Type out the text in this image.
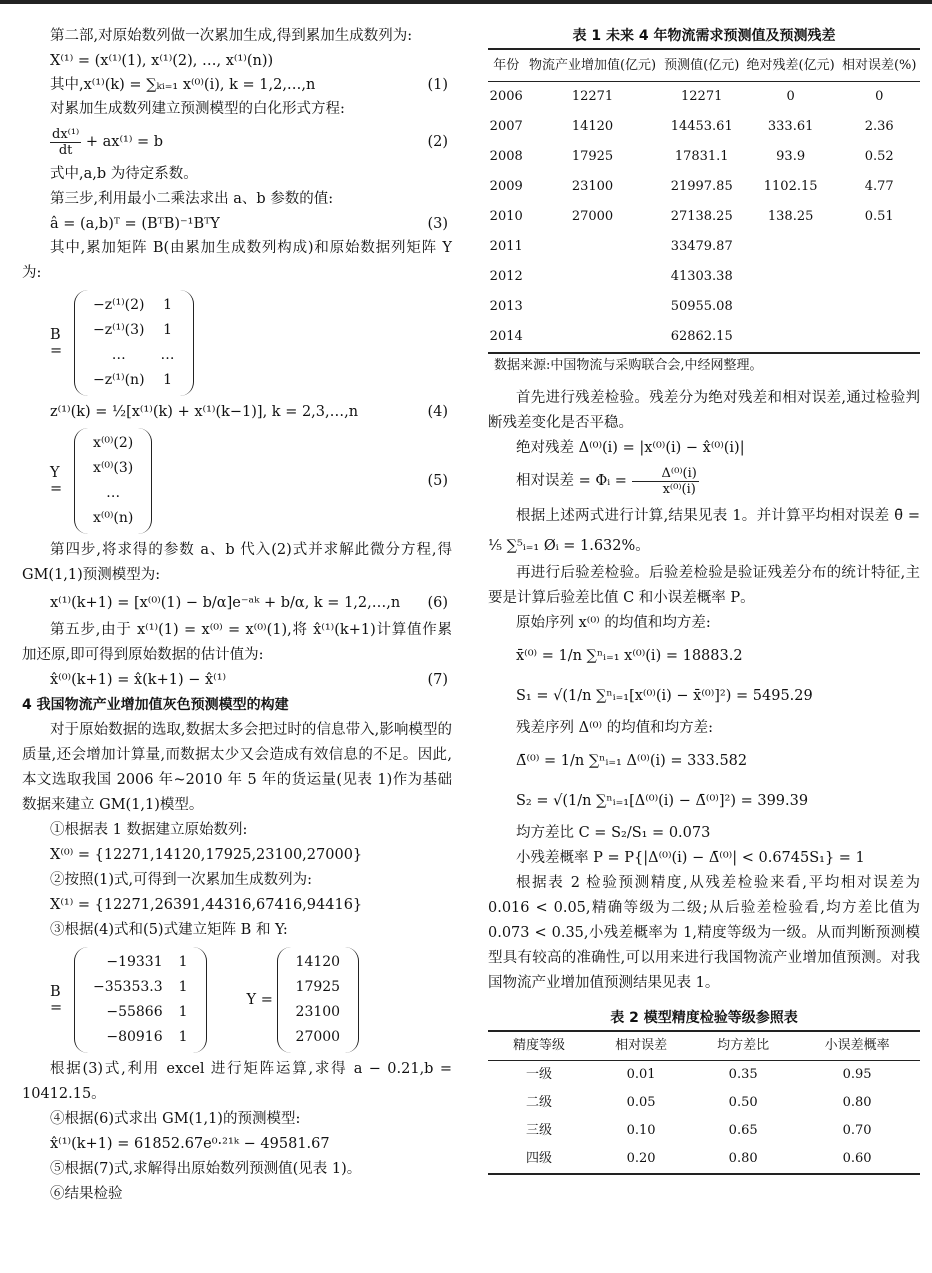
第二部,对原始数列做一次累加生成,得到累加生成数列为:

X⁽¹⁾ = (x⁽¹⁾(1), x⁽¹⁾(2), …, x⁽¹⁾(n))

其中,x⁽¹⁾(k) = ∑ₖᵢ₌₁ x⁽⁰⁾(i), k = 1,2,…,n	(1)

对累加生成数列建立预测模型的白化形式方程:

$\frac{\text{dx⁽¹⁾}}{dt} + ax^{(1)} = b$	(2)

式中,a,b 为待定系数。

第三步,利用最小二乘法求出 a、b 参数的值:

â = (a,b)ᵀ = (BᵀB)⁻¹BᵀY	(3)

其中,累加矩阵 B(由累加生成数列构成)和原始数据列矩阵 Y 为:

B =
−z⁽¹⁾(2)	1
−z⁽¹⁾(3)	1
…	…
−z⁽¹⁾(n)	1

z⁽¹⁾(k) = ½[x⁽¹⁾(k) + x⁽¹⁾(k−1)], k = 2,3,…,n	(4)

Y =
x⁽⁰⁾(2)
x⁽⁰⁾(3)
…
x⁽⁰⁾(n)
(5)

第四步,将求得的参数 a、b 代入(2)式并求解此微分方程,得 GM(1,1)预测模型为:

x⁽¹⁾(k+1) = [x⁽⁰⁾(1) − b/α]e⁻ᵃᵏ + b/α, k = 1,2,…,n (6)

第五步,由于 x⁽¹⁾(1) = x⁽⁰⁾ = x⁽⁰⁾(1),将 x̂⁽¹⁾(k+1)计算值作累加还原,即可得到原始数据的估计值为:

x̂⁽⁰⁾(k+1) = x̂(k+1) − x̂⁽¹⁾	(7)

4 我国物流产业增加值灰色预测模型的构建

对于原始数据的选取,数据太多会把过时的信息带入,影响模型的质量,还会增加计算量,而数据太少又会造成有效信息的不足。因此,本文选取我国 2006 年~2010 年 5 年的货运量(见表 1)作为基础数据来建立 GM(1,1)模型。

①根据表 1 数据建立原始数列:

X⁽⁰⁾ = {12271,14120,17925,23100,27000}

②按照(1)式,可得到一次累加生成数列为:

X⁽¹⁾ = {12271,26391,44316,67416,94416}

③根据(4)式和(5)式建立矩阵 B 和 Y:

B =
−19331	1
−35353.3	1
−55866	1
−80916	1
Y =
14120
17925
23100
27000

根据(3)式,利用 excel 进行矩阵运算,求得 a − 0.21,b = 10412.15。

④根据(6)式求出 GM(1,1)的预测模型:

x̂⁽¹⁾(k+1) = 61852.67e⁰·²¹ᵏ − 49581.67

⑤根据(7)式,求解得出原始数列预测值(见表 1)。

⑥结果检验

表 1 未来 4 年物流需求预测值及预测残差
年份	物流产业增加值(亿元)	预测值(亿元)	绝对残差(亿元)	相对误差(%)
2006	12271	12271	0	0
2007	14120	14453.61	333.61	2.36
2008	17925	17831.1	93.9	0.52
2009	23100	21997.85	1102.15	4.77
2010	27000	27138.25	138.25	0.51
2011		33479.87		
2012		41303.38		
2013		50955.08		
2014		62862.15		
数据来源:中国物流与采购联合会,中经网整理。

首先进行残差检验。残差分为绝对残差和相对误差,通过检验判断残差变化是否平稳。

绝对残差 Δ⁽⁰⁾(i) = |x⁽⁰⁾(i) − x̂⁽⁰⁾(i)|

相对误差 = Φᵢ = $\frac{\text{Δ⁽⁰⁾(i)}}{\text{x⁽⁰⁾(i)}}$

根据上述两式进行计算,结果见表 1。并计算平均相对误差 θ̄ = ⅕ ∑⁵ᵢ₌₁ Øᵢ = 1.632%。

再进行后验差检验。后验差检验是验证残差分布的统计特征,主要是计算后验差比值 C 和小误差概率 P。

原始序列 x⁽⁰⁾ 的均值和均方差:

x̄⁽⁰⁾ = 1/n ∑ⁿᵢ₌₁ x⁽⁰⁾(i) = 18883.2

S₁ = √(1/n ∑ⁿᵢ₌₁[x⁽⁰⁾(i) − x̄⁽⁰⁾]²) = 5495.29

残差序列 Δ⁽⁰⁾ 的均值和均方差:

Δ̄⁽⁰⁾ = 1/n ∑ⁿᵢ₌₁ Δ⁽⁰⁾(i) = 333.582

S₂ = √(1/n ∑ⁿᵢ₌₁[Δ⁽⁰⁾(i) − Δ̄⁽⁰⁾]²) = 399.39

均方差比 C = S₂/S₁ = 0.073

小残差概率 P = P{|Δ⁽⁰⁾(i) − Δ̄⁽⁰⁾| < 0.6745S₁} = 1

根据表 2 检验预测精度,从残差检验来看,平均相对误差为 0.016 < 0.05,精确等级为二级;从后验差检验看,均方差比值为 0.073 < 0.35,小残差概率为 1,精度等级为一级。从而判断预测模型具有较高的准确性,可以用来进行我国物流产业增加值预测。对我国物流产业增加值预测结果见表 1。

表 2 模型精度检验等级参照表
精度等级	相对误差	均方差比	小误差概率
一级	0.01	0.35	0.95
二级	0.05	0.50	0.80
三级	0.10	0.65	0.70
四级	0.20	0.80	0.60
